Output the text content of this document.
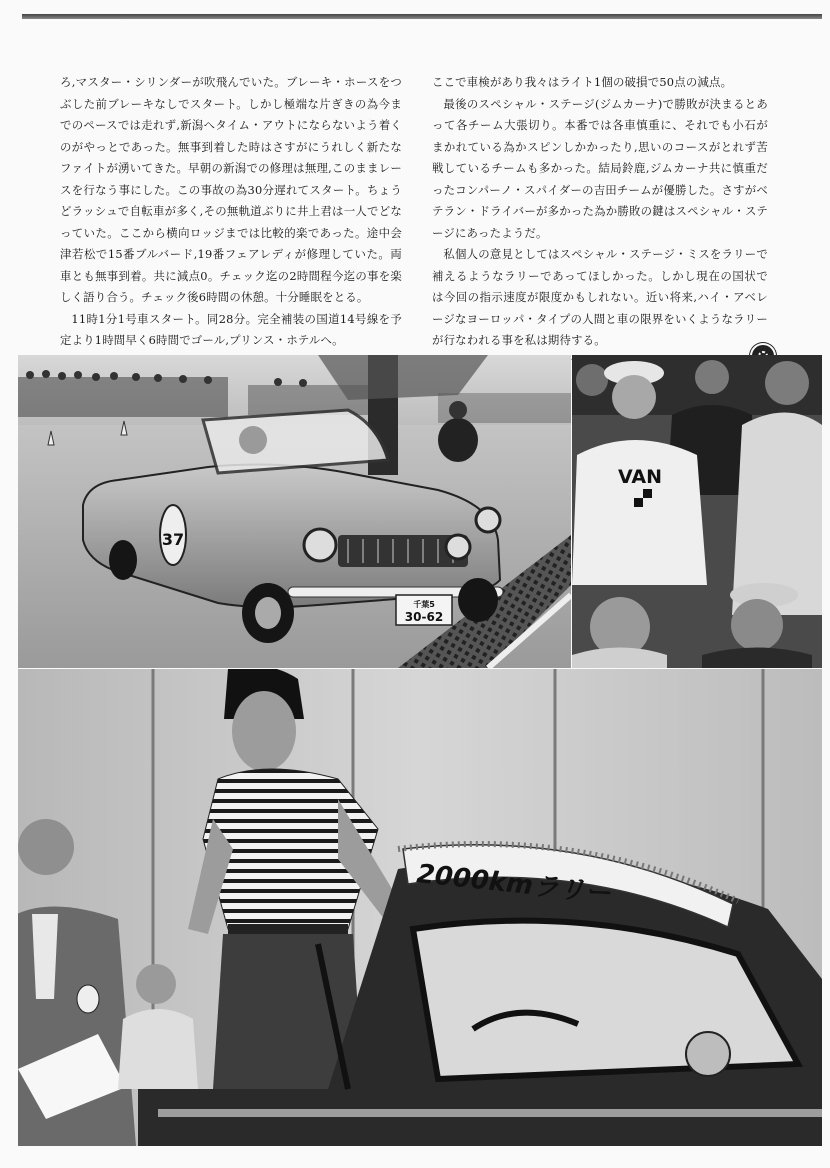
ろ,マスター・シリンダーが吹飛んでいた。ブレーキ・ホースをつぶした前ブレーキなしでスタート。しかし極端な片ぎきの為今までのペースでは走れず,新潟へタイム・アウトにならないよう着くのがやっとであった。無事到着した時はさすがにうれしく新たなファイトが湧いてきた。早朝の新潟での修理は無理,このままレースを行なう事にした。この事故の為30分遅れてスタート。ちょうどラッシュで自転車が多く,その無軌道ぶりに井上君は一人でどなっていた。ここから横向ロッジまでは比較的楽であった。途中会津若松で15番ブルバード,19番フェアレディが修理していた。両車とも無事到着。共に減点0。チェック迄の2時間程今迄の事を楽しく語り合う。チェック後6時間の休憩。十分睡眠をとる。

11時1分1号車スタート。同28分。完全補装の国道14号線を予定より1時間早く6時間でゴール,プリンス・ホテルへ。

ここで車検があり我々はライト1個の破損で50点の減点。

最後のスペシャル・ステージ(ジムカーナ)で勝敗が決まるとあって各チーム大張切り。本番では各車慎重に、それでも小石がまかれている為かスピンしかかったり,思いのコースがとれず苦戦しているチームも多かった。結局鈴鹿,ジムカーナ共に慎重だったコンパーノ・スパイダーの吉田チームが優勝した。さすがベテラン・ドライバーが多かった為か勝敗の鍵はスペシャル・ステージにあったようだ。

私個人の意見としてはスペシャル・ステージ・ミスをラリーで補えるようなラリーであってほしかった。しかし現在の国状では今回の指示速度が限度かもしれない。近い将来,ハイ・アベレージなヨーロッパ・タイプの人間と車の限界をいくようなラリーが行なわれる事を私は期待する。

37
千葉5
30-62
VAN
2000kmラリー
